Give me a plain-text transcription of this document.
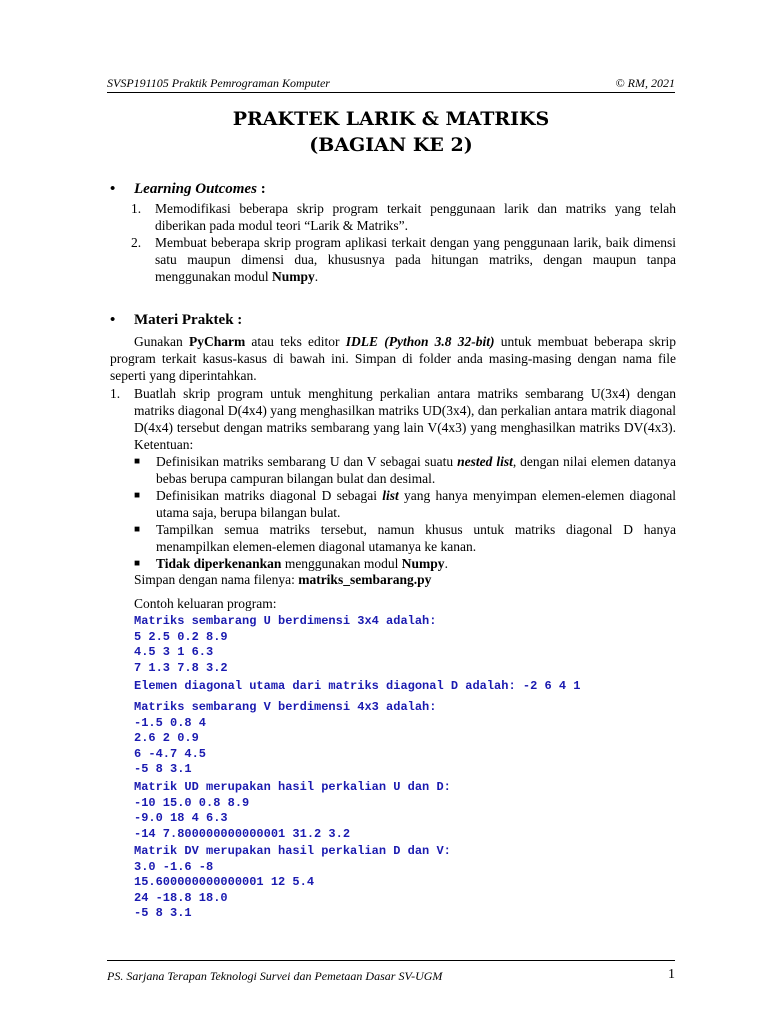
SVSP191105 Praktik Pemrograman Komputer	© RM, 2021
PRAKTEK LARIK & MATRIKS
(BAGIAN KE 2)
• Learning Outcomes :
1. Memodifikasi beberapa skrip program terkait penggunaan larik dan matriks yang telah diberikan pada modul teori “Larik & Matriks”.
2. Membuat beberapa skrip program aplikasi terkait dengan yang penggunaan larik, baik dimensi satu maupun dimensi dua, khususnya pada hitungan matriks, dengan maupun tanpa menggunakan modul Numpy.
• Materi Praktek :
Gunakan PyCharm atau teks editor IDLE (Python 3.8 32-bit) untuk membuat beberapa skrip program terkait kasus-kasus di bawah ini. Simpan di folder anda masing-masing dengan nama file seperti yang diperintahkan.
1. Buatlah skrip program untuk menghitung perkalian antara matriks sembarang U(3x4) dengan matriks diagonal D(4x4) yang menghasilkan matriks UD(3x4), dan perkalian antara matrik diagonal D(4x4) tersebut dengan matriks sembarang yang lain V(4x3) yang menghasilkan matriks DV(4x3). Ketentuan:
■ Definisikan matriks sembarang U dan V sebagai suatu nested list, dengan nilai elemen datanya bebas berupa campuran bilangan bulat dan desimal.
■ Definisikan matriks diagonal D sebagai list yang hanya menyimpan elemen-elemen diagonal utama saja, berupa bilangan bulat.
■ Tampilkan semua matriks tersebut, namun khusus untuk matriks diagonal D hanya menampilkan elemen-elemen diagonal utamanya ke kanan.
■ Tidak diperkenankan menggunakan modul Numpy.
Simpan dengan nama filenya: matriks_sembarang.py
Contoh keluaran program:
Matriks sembarang U berdimensi 3x4 adalah:
5 2.5 0.2 8.9
4.5 3 1 6.3
7 1.3 7.8 3.2
Elemen diagonal utama dari matriks diagonal D adalah: -2 6 4 1
Matriks sembarang V berdimensi 4x3 adalah:
-1.5 0.8 4
2.6 2 0.9
6 -4.7 4.5
-5 8 3.1
Matrik UD merupakan hasil perkalian U dan D:
-10 15.0 0.8 8.9
-9.0 18 4 6.3
-14 7.800000000000001 31.2 3.2
Matrik DV merupakan hasil perkalian D dan V:
3.0 -1.6 -8
15.600000000000001 12 5.4
24 -18.8 18.0
-5 8 3.1
PS. Sarjana Terapan Teknologi Survei dan Pemetaan Dasar SV-UGM	1
